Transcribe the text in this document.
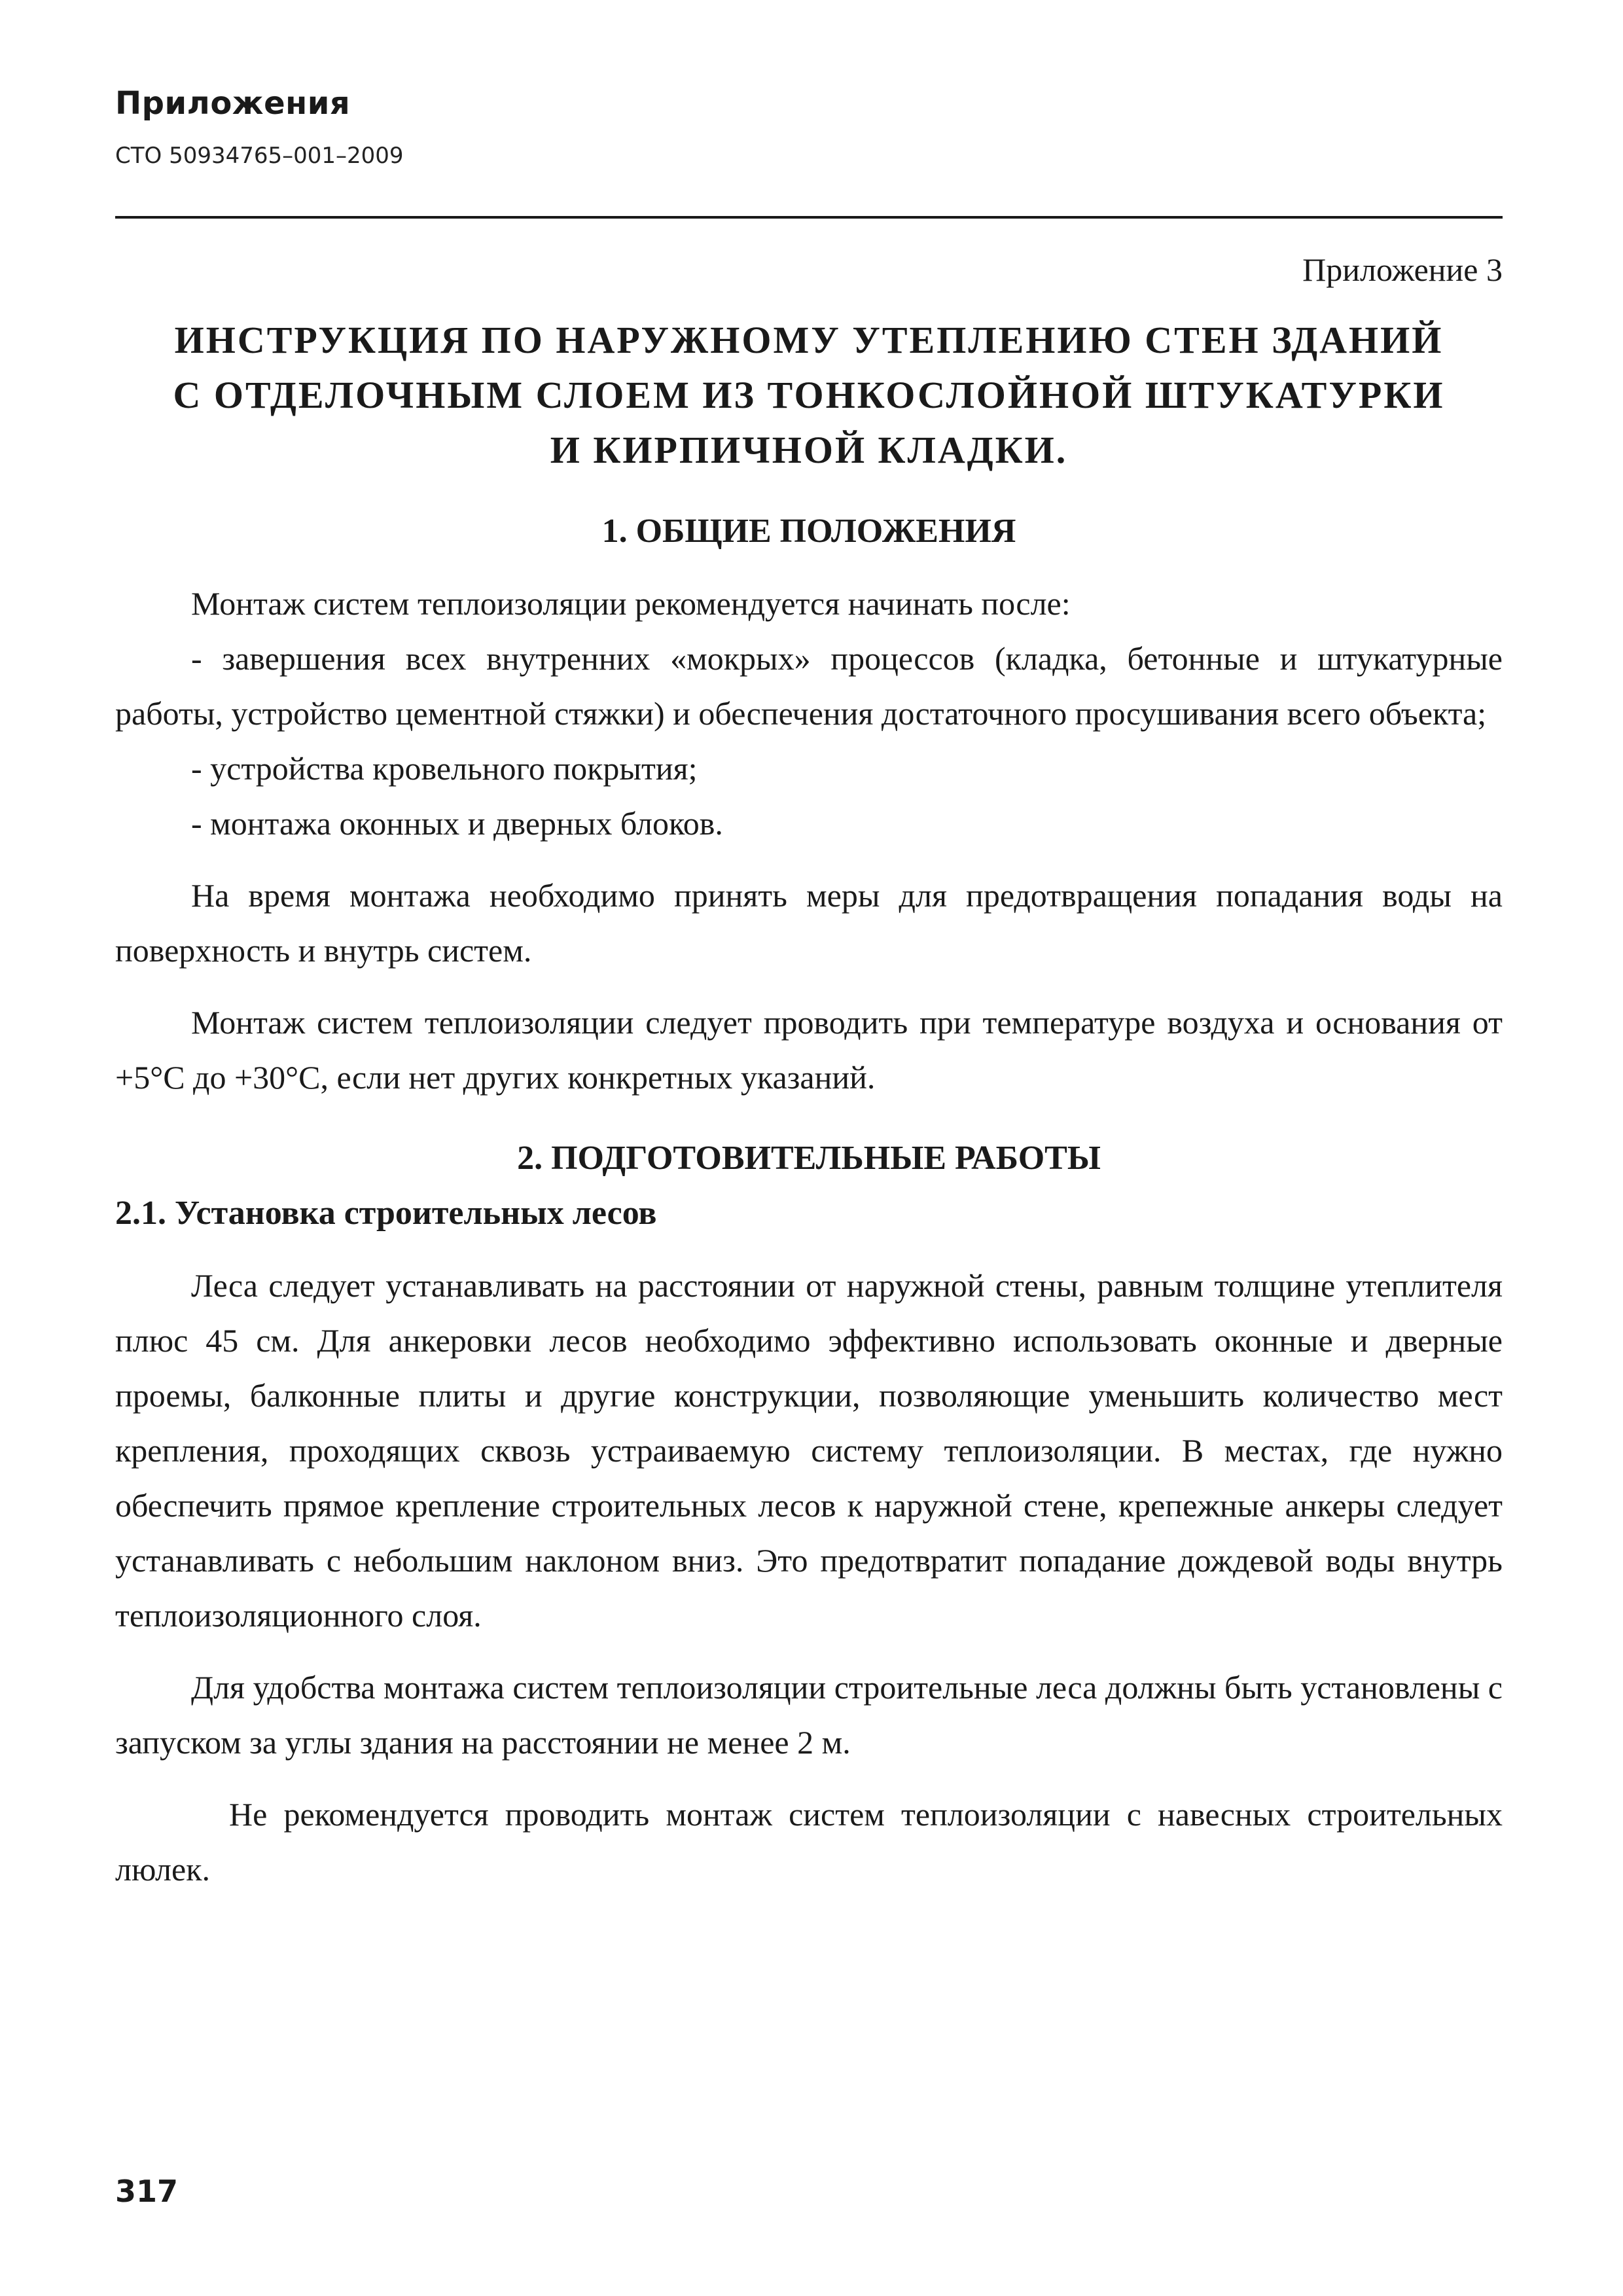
Приложения
СТО 50934765–001–2009

Приложение 3

ИНСТРУКЦИЯ ПО НАРУЖНОМУ УТЕПЛЕНИЮ СТЕН ЗДАНИЙ
С ОТДЕЛОЧНЫМ СЛОЕМ ИЗ ТОНКОСЛОЙНОЙ ШТУКАТУРКИ
И КИРПИЧНОЙ КЛАДКИ.
1. ОБЩИЕ ПОЛОЖЕНИЯ

Монтаж систем теплоизоляции рекомендуется начинать после:

- завершения всех внутренних «мокрых» процессов (кладка, бетонные и штукатурные работы, устройство цементной стяжки) и обеспечения достаточного просушивания всего объекта;

- устройства кровельного покрытия;

- монтажа оконных и дверных блоков.

На время монтажа необходимо принять меры для предотвращения попадания воды на поверхность и внутрь систем.

Монтаж систем теплоизоляции следует проводить при температуре воздуха и основания от +5°С до +30°С, если нет других конкретных указаний.

2. ПОДГОТОВИТЕЛЬНЫЕ РАБОТЫ
2.1. Установка строительных лесов

Леса следует устанавливать на расстоянии от наружной стены, равным толщине утеплителя плюс 45 см. Для анкеровки лесов необходимо эффективно использовать оконные и дверные проемы, балконные плиты и другие конструкции, позволяющие уменьшить количество мест крепления, проходящих сквозь устраиваемую систему теплоизоляции. В местах, где нужно обеспечить прямое крепление строительных лесов к наружной стене, крепежные анкеры следует устанавливать с небольшим наклоном вниз. Это предотвратит попадание дождевой воды внутрь теплоизоляционного слоя.

Для удобства монтажа систем теплоизоляции строительные леса должны быть установлены с запуском за углы здания на расстоянии не менее 2 м.

Не рекомендуется проводить монтаж систем теплоизоляции с навесных строительных люлек.

317
